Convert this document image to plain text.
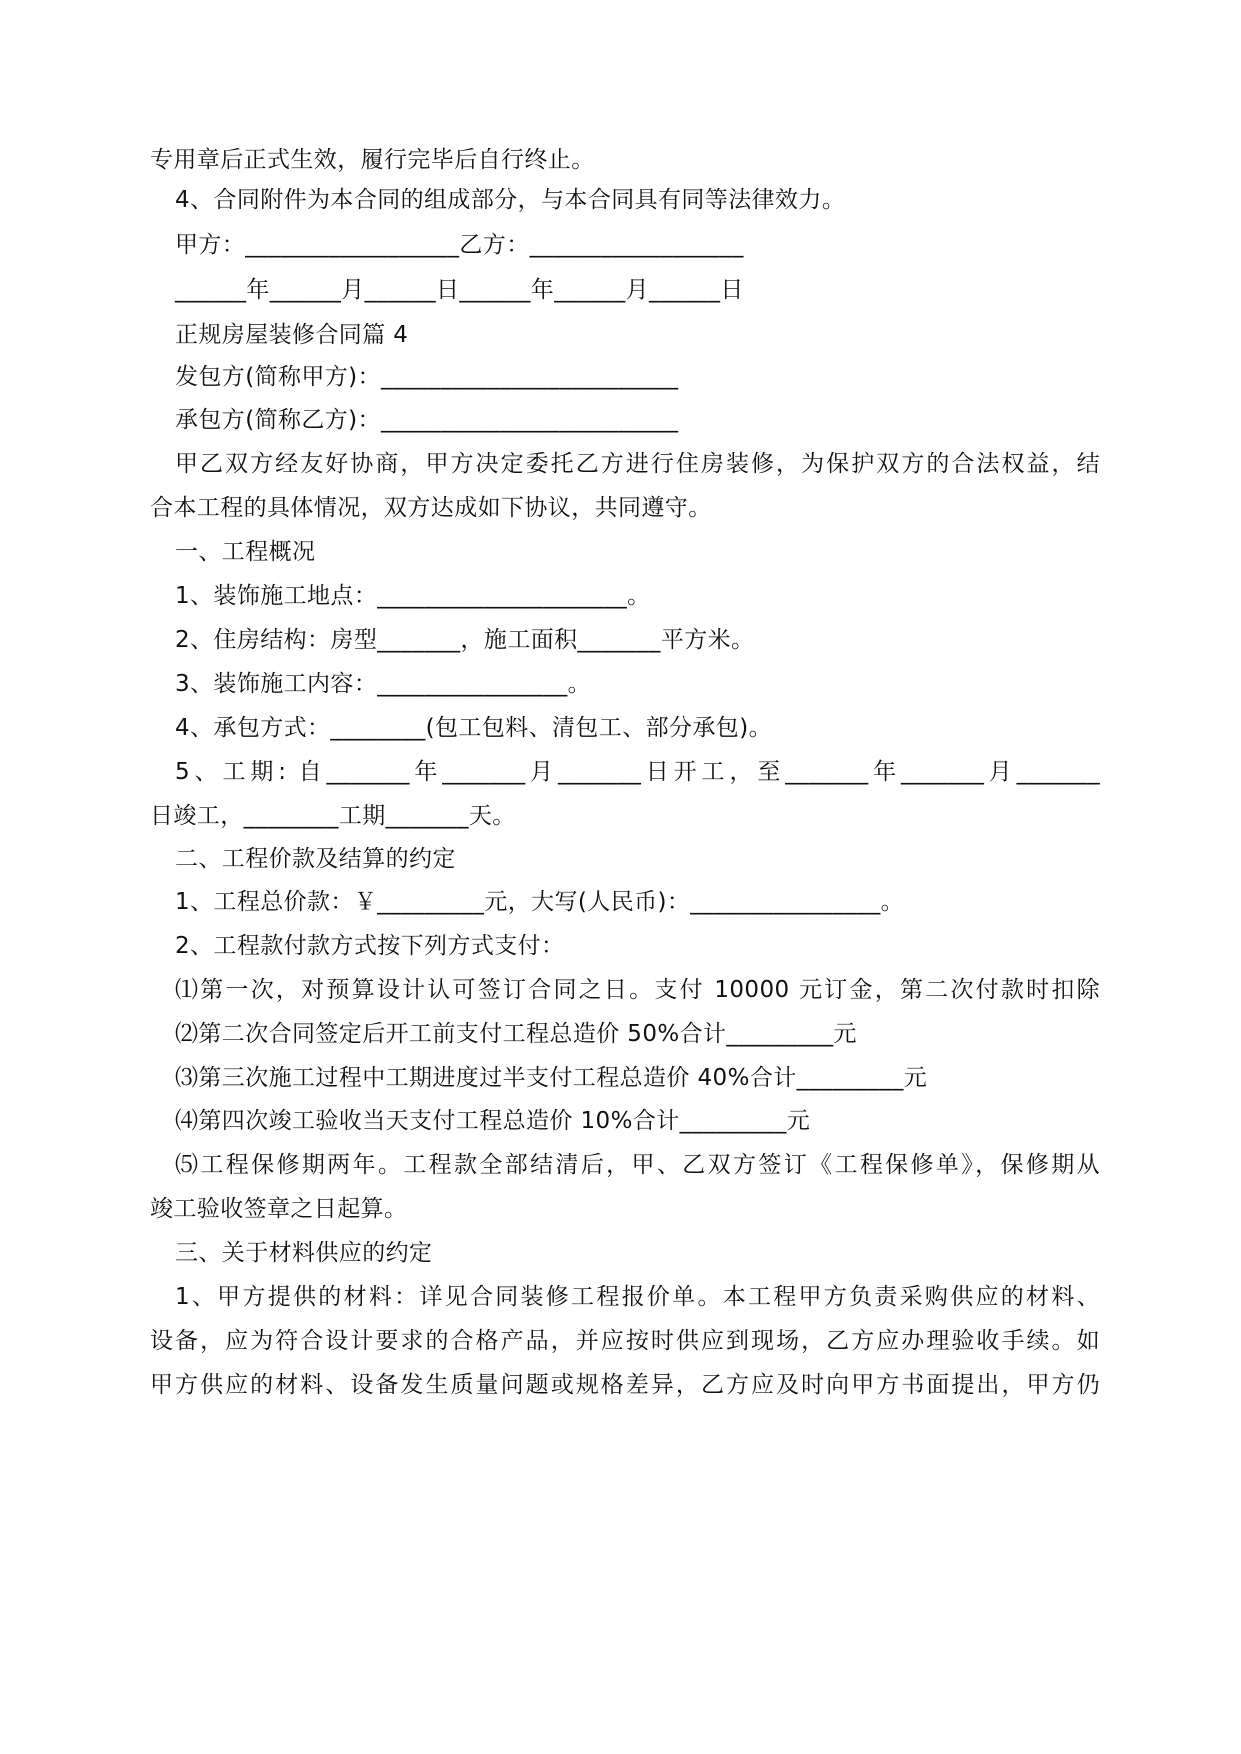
专用章后正式生效，履行完毕后自行终止。
4、合同附件为本合同的组成部分，与本合同具有同等法律效力。
甲方：__________________乙方：__________________
______年______月______日______年______月______日
正规房屋装修合同篇 4
发包方(简称甲方)：_________________________
承包方(简称乙方)：_________________________
甲乙双方经友好协商，甲方决定委托乙方进行住房装修，为保护双方的合法权益，结
合本工程的具体情况，双方达成如下协议，共同遵守。
一、工程概况
1、装饰施工地点：_____________________。
2、住房结构：房型_______，施工面积_______平方米。
3、装饰施工内容：________________。
4、承包方式：________(包工包料、清包工、部分承包)。
5、工期: 自_______年_______月_______日开工，至_______年_______月_______
日竣工，________工期_______天。
二、工程价款及结算的约定
1、工程总价款：￥_________元，大写(人民币)：________________。
2、工程款付款方式按下列方式支付：
⑴第一次，对预算设计认可签订合同之日。支付 10000 元订金，第二次付款时扣除
⑵第二次合同签定后开工前支付工程总造价 50%合计_________元
⑶第三次施工过程中工期进度过半支付工程总造价 40%合计_________元
⑷第四次竣工验收当天支付工程总造价 10%合计_________元
⑸工程保修期两年。工程款全部结清后，甲、乙双方签订《工程保修单》，保修期从
竣工验收签章之日起算。
三、关于材料供应的约定
1、甲方提供的材料：详见合同装修工程报价单。本工程甲方负责采购供应的材料、
设备，应为符合设计要求的合格产品，并应按时供应到现场，乙方应办理验收手续。如
甲方供应的材料、设备发生质量问题或规格差异，乙方应及时向甲方书面提出，甲方仍
